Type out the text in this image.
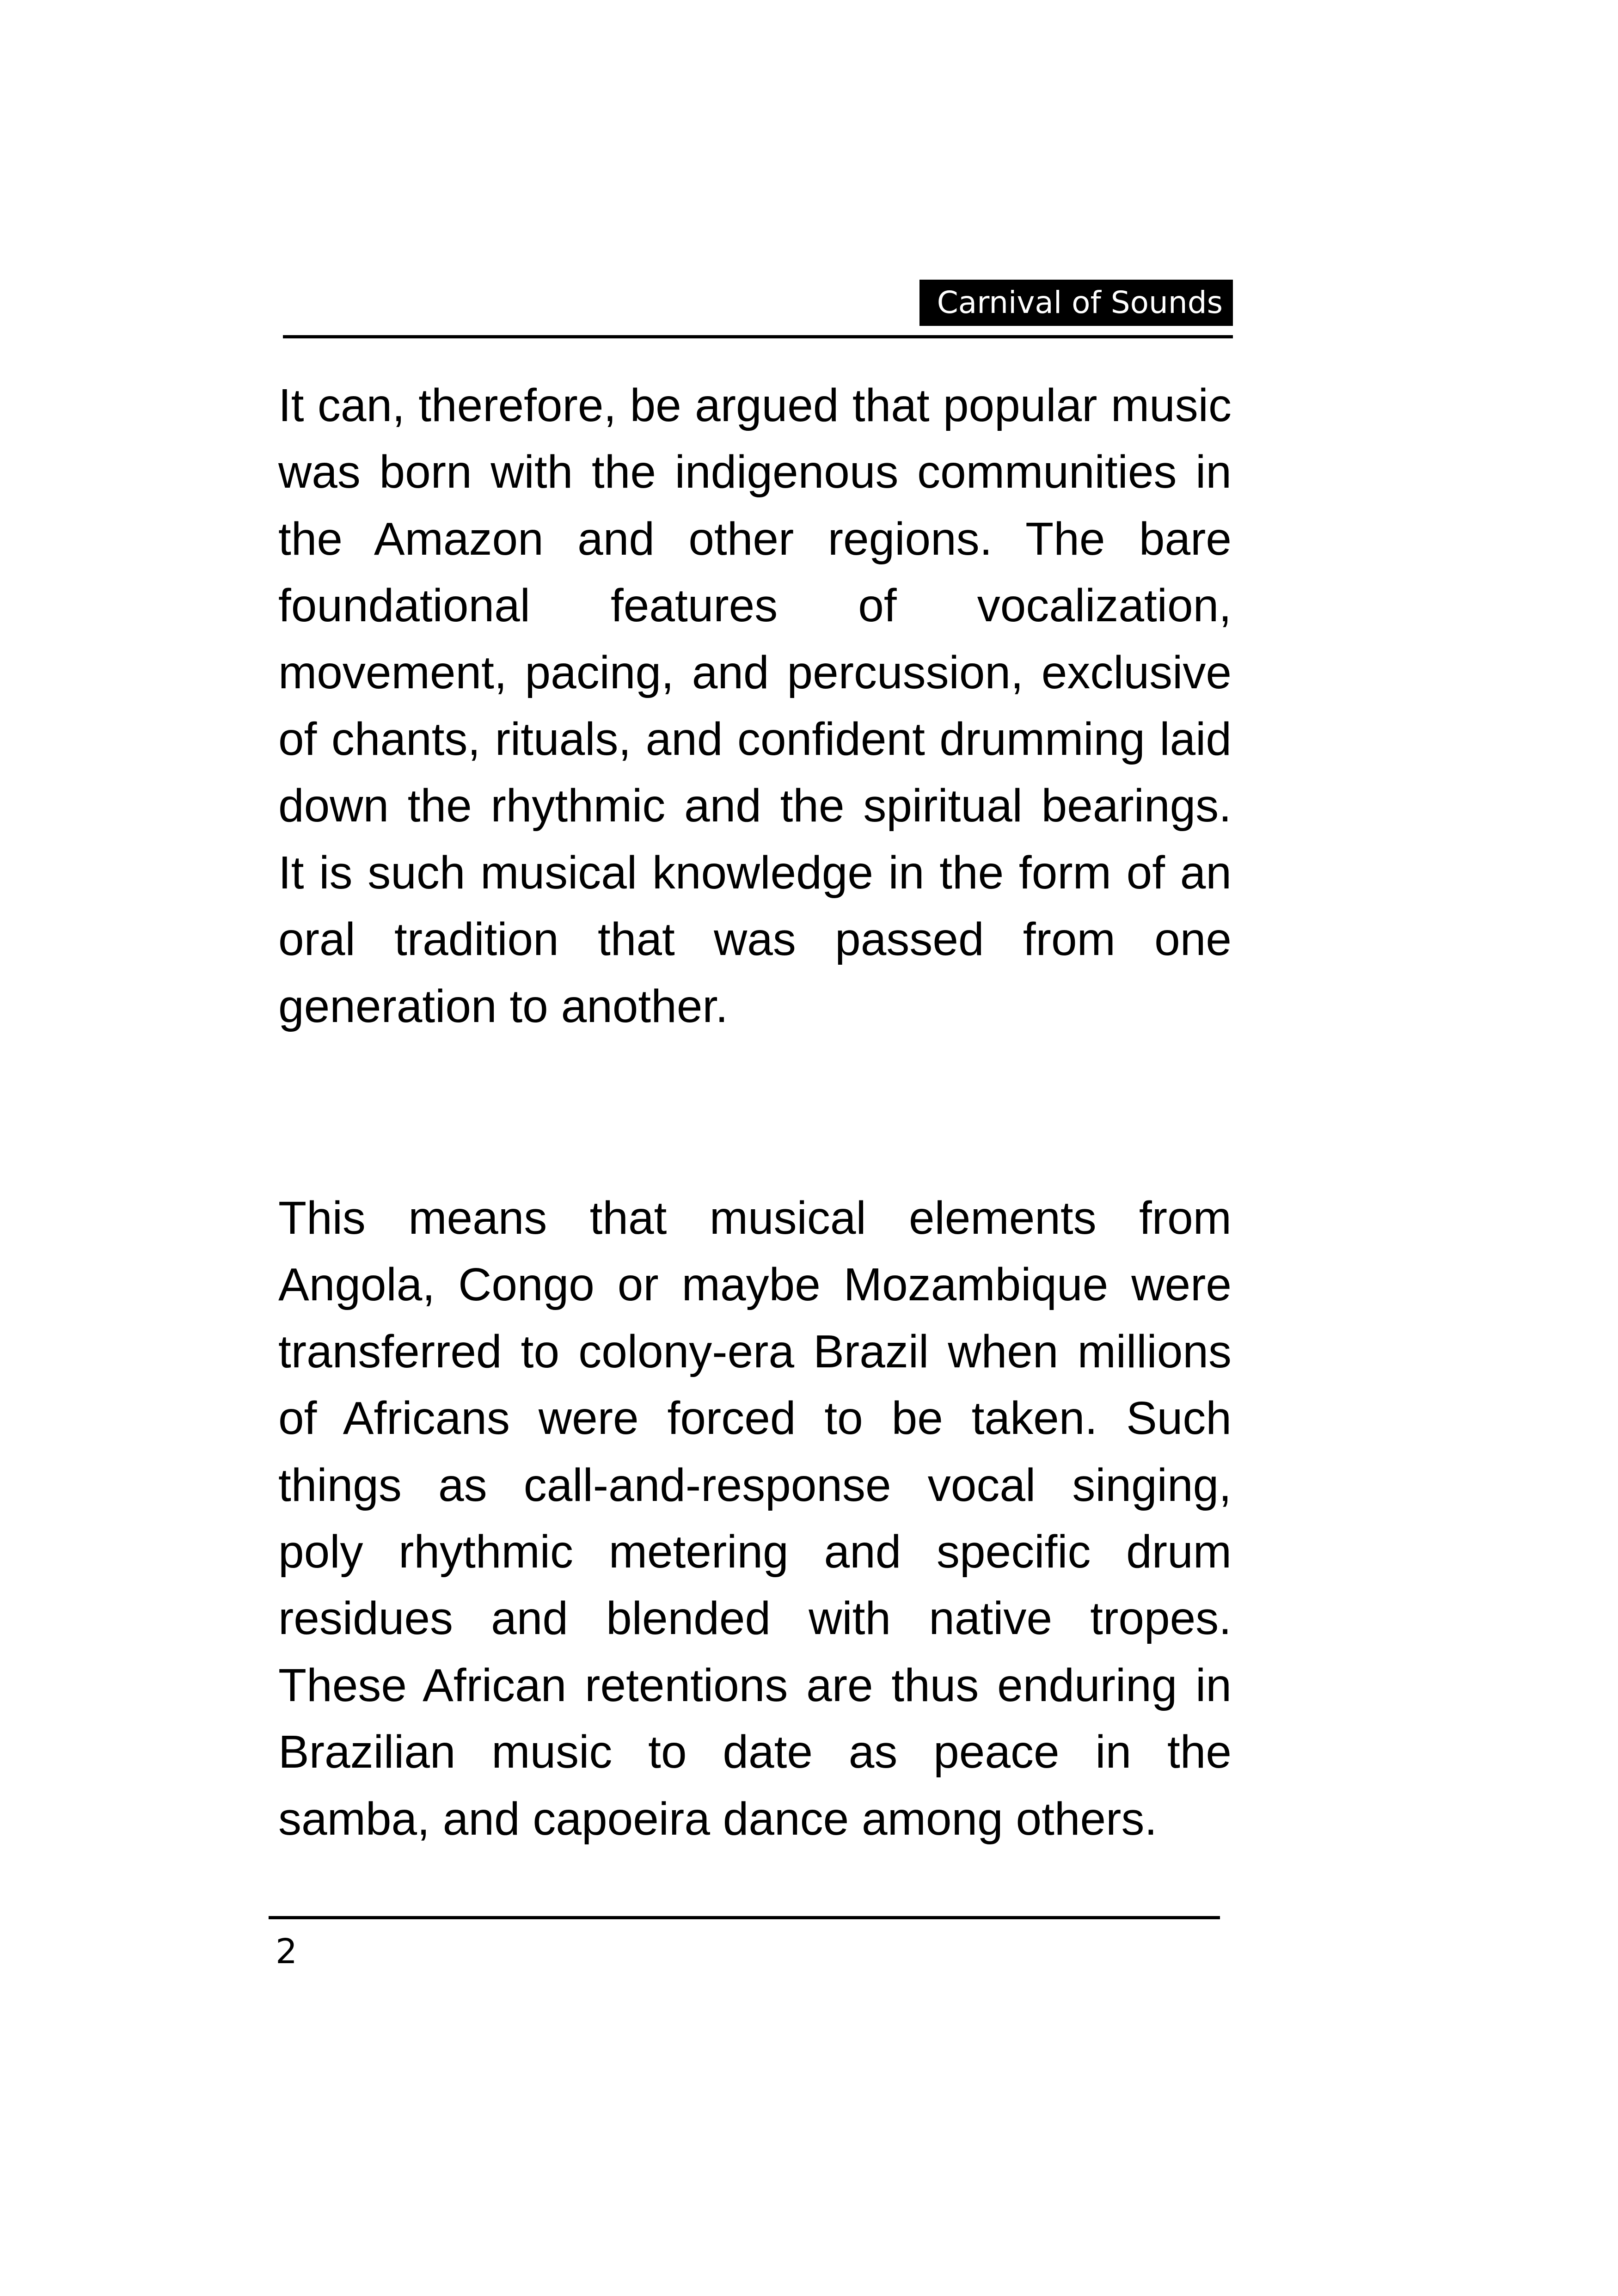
Carnival of Sounds
It can, therefore, be argued that popular music
was born with the indigenous communities in
the Amazon and other regions. The bare
foundational features of vocalization,
movement, pacing, and percussion, exclusive
of chants, rituals, and confident drumming laid
down the rhythmic and the spiritual bearings.
It is such musical knowledge in the form of an
oral tradition that was passed from one
generation to another.
This means that musical elements from
Angola, Congo or maybe Mozambique were
transferred to colony-era Brazil when millions
of Africans were forced to be taken. Such
things as call-and-response vocal singing,
poly rhythmic metering and specific drum
residues and blended with native tropes.
These African retentions are thus enduring in
Brazilian music to date as peace in the
samba, and capoeira dance among others.
2
